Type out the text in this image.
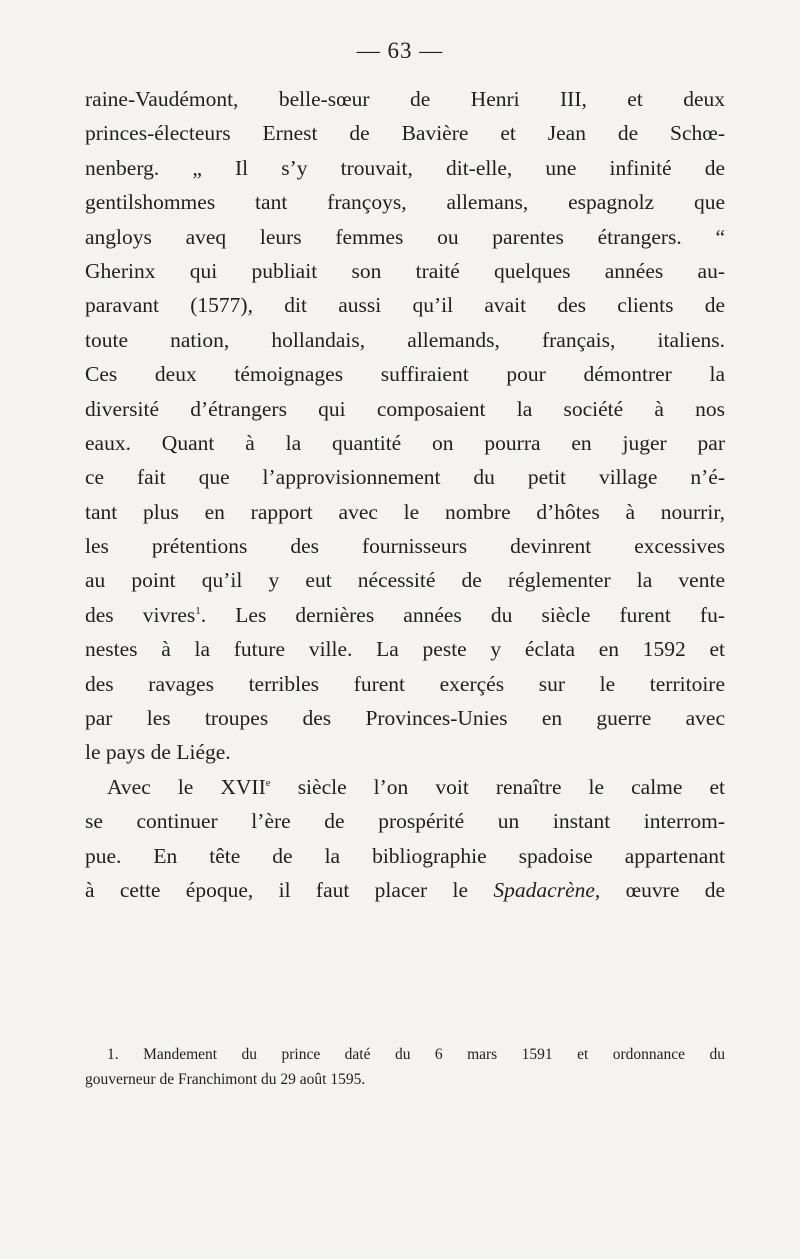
— 63 —
raine-Vaudémont, belle-sœur de Henri III, et deux
princes-électeurs Ernest de Bavière et Jean de Schœ-
nenberg. „ Il s’y trouvait, dit-elle, une infinité de
gentilshommes tant françoys, allemans, espagnolz que
angloys aveq leurs femmes ou parentes étrangers. “
Gherinx qui publiait son traité quelques années au-
paravant (1577), dit aussi qu’il avait des clients de
toute nation, hollandais, allemands, français, italiens.
Ces deux témoignages suffiraient pour démontrer la
diversité d’étrangers qui composaient la société à nos
eaux. Quant à la quantité on pourra en juger par
ce fait que l’approvisionnement du petit village n’é-
tant plus en rapport avec le nombre d’hôtes à nourrir,
les prétentions des fournisseurs devinrent excessives
au point qu’il y eut nécessité de réglementer la vente
des vivres$^1$. Les dernières années du siècle furent fu-
nestes à la future ville. La peste y éclata en 1592 et
des ravages terribles furent exerçés sur le territoire
par les troupes des Provinces-Unies en guerre avec
le pays de Liége.
Avec le XVIIe siècle l’on voit renaître le calme et
se continuer l’ère de prospérité un instant interrom-
pue. En tête de la bibliographie spadoise appartenant
à cette époque, il faut placer le Spadacrène, œuvre de
1. Mandement du prince daté du 6 mars 1591 et ordonnance du
gouverneur de Franchimont du 29 août 1595.
